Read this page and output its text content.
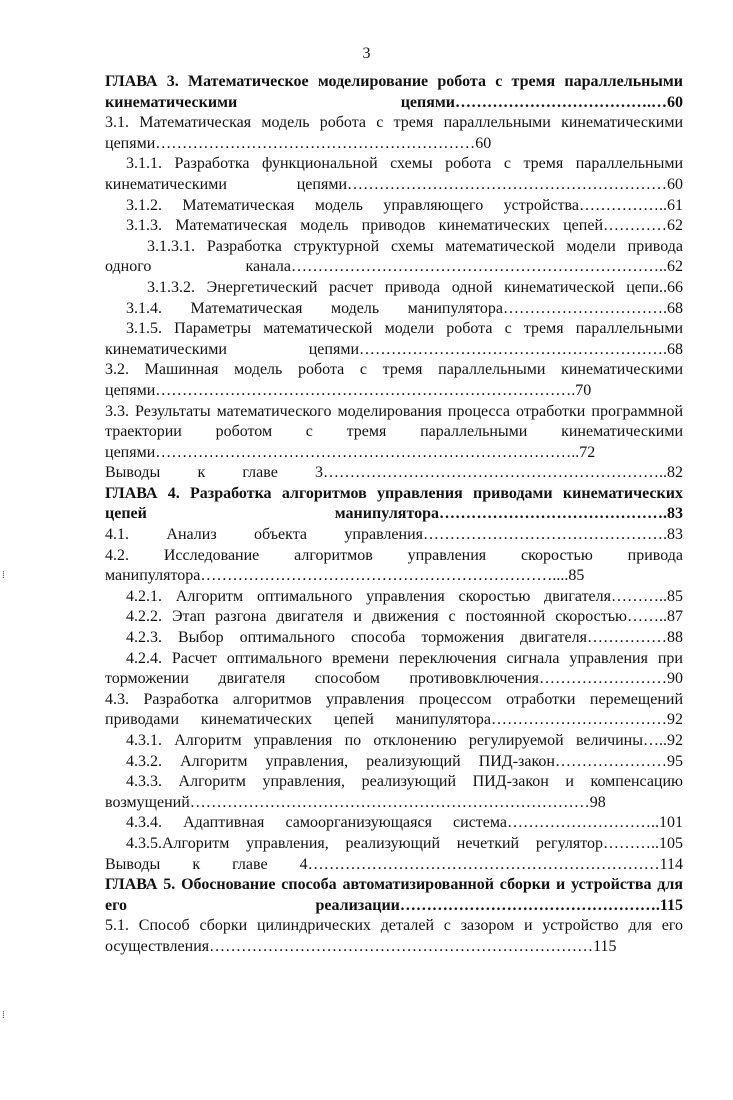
3
ГЛАВА 3. Математическое моделирование робота с тремя параллельными кинематическими цепями……………………………….…60
3.1. Математическая модель робота с тремя параллельными кинематическими цепями……………………………………………………60
3.1.1. Разработка функциональной схемы робота с тремя параллельными кинематическими цепями……………………………………………………60
3.1.2. Математическая модель управляющего устройства……………..61
3.1.3. Математическая модель приводов кинематических цепей…………62
3.1.3.1. Разработка структурной схемы математической модели привода одного канала……………………………………………………………..62
3.1.3.2. Энергетический расчет привода одной кинематической цепи..66
3.1.4. Математическая модель манипулятора………………………….68
3.1.5. Параметры математической модели робота с тремя параллельными кинематическими цепями………………………………………………….68
3.2. Машинная модель робота с тремя параллельными кинематическими цепями…………………………………………………………………….70
3.3. Результаты математического моделирования процесса отработки программной траектории роботом с тремя параллельными кинематическими цепями……………………………………………………………………..72
Выводы к главе 3………………………………………………………..82
ГЛАВА 4. Разработка алгоритмов управления приводами кинематических цепей манипулятора…………………………………….83
4.1. Анализ объекта управления……………………………………….83
4.2. Исследование алгоритмов управления скоростью привода манипулятора…………………………………………………………....85
4.2.1. Алгоритм оптимального управления скоростью двигателя………..85
4.2.2. Этап разгона двигателя и движения с постоянной скоростью……..87
4.2.3. Выбор оптимального способа торможения двигателя……………88
4.2.4. Расчет оптимального времени переключения сигнала управления при торможении двигателя способом противовключения……………………90
4.3. Разработка алгоритмов управления процессом отработки перемещений приводами кинематических цепей манипулятора……………………………92
4.3.1. Алгоритм управления по отклонению регулируемой величины…..92
4.3.2. Алгоритм управления, реализующий ПИД-закон…………………95
4.3.3. Алгоритм управления, реализующий ПИД-закон и компенсацию возмущений…………………………………………………………………98
4.3.4. Адаптивная самоорганизующаяся система………………………..101
4.3.5.Алгоритм управления, реализующий нечеткий регулятор………..105
Выводы к главе 4…………………………………………………………114
ГЛАВА 5. Обоснование способа автоматизированной сборки и устройства для его реализации………………………………………….115
5.1. Способ сборки цилиндрических деталей с зазором и устройство для его осуществления………………………………………………………………115
⁞
⁞
